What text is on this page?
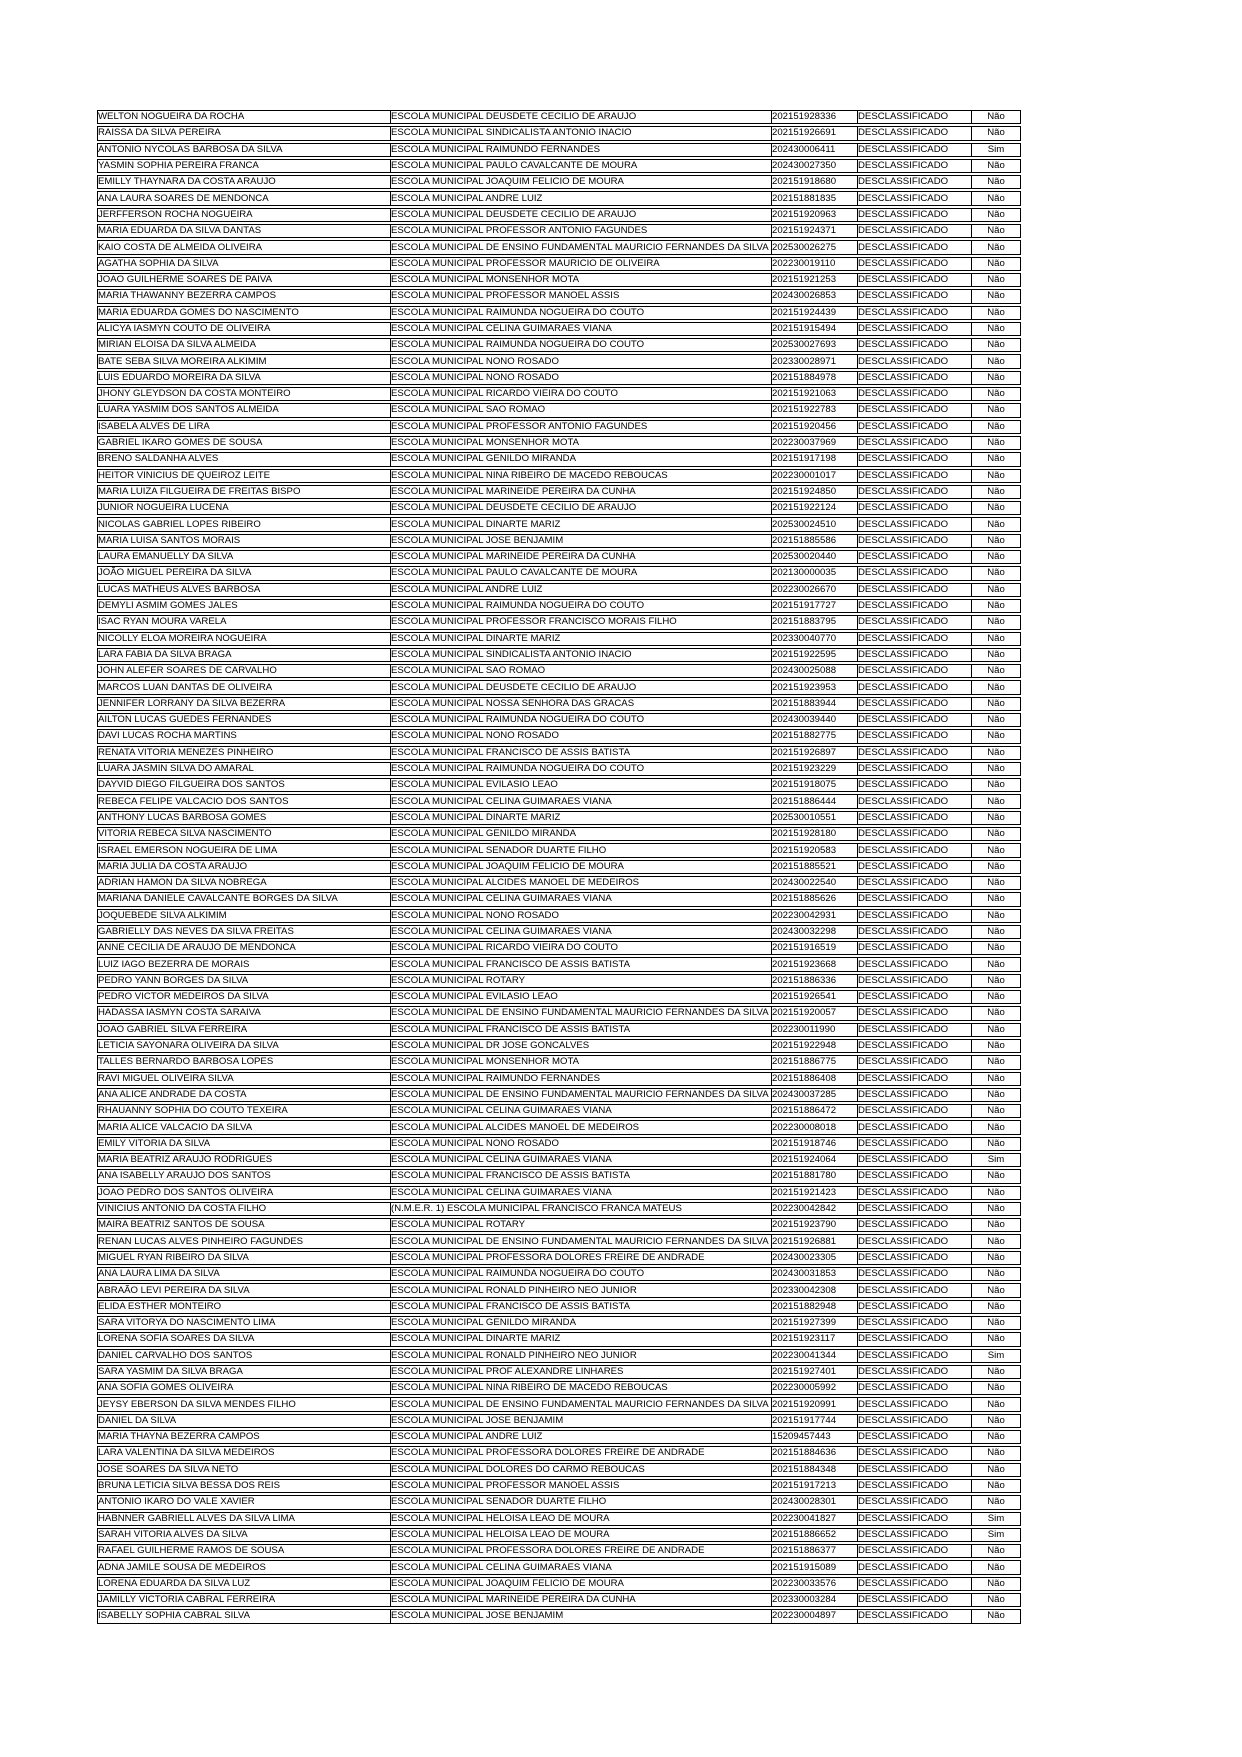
WELTON NOGUEIRA DA ROCHA	ESCOLA MUNICIPAL DEUSDETE CECILIO DE ARAUJO	202151928336	DESCLASSIFICADO	Não
RAISSA DA SILVA PEREIRA	ESCOLA MUNICIPAL SINDICALISTA ANTONIO INACIO	202151926691	DESCLASSIFICADO	Não
ANTONIO NYCOLAS BARBOSA DA SILVA	ESCOLA MUNICIPAL RAIMUNDO FERNANDES	202430006411	DESCLASSIFICADO	Sim
YASMIN SOPHIA PEREIRA FRANCA	ESCOLA MUNICIPAL PAULO CAVALCANTE DE MOURA	202430027350	DESCLASSIFICADO	Não
EMILLY THAYNARA DA COSTA ARAUJO	ESCOLA MUNICIPAL JOAQUIM FELICIO DE MOURA	202151918680	DESCLASSIFICADO	Não
ANA LAURA SOARES DE MENDONCA	ESCOLA MUNICIPAL ANDRE LUIZ	202151881835	DESCLASSIFICADO	Não
JERFFERSON ROCHA NOGUEIRA	ESCOLA MUNICIPAL DEUSDETE CECILIO DE ARAUJO	202151920963	DESCLASSIFICADO	Não
MARIA EDUARDA DA SILVA DANTAS	ESCOLA MUNICIPAL PROFESSOR ANTONIO FAGUNDES	202151924371	DESCLASSIFICADO	Não
KAIO COSTA DE ALMEIDA OLIVEIRA	ESCOLA MUNICIPAL DE ENSINO FUNDAMENTAL MAURICIO FERNANDES DA SILVA	202530026275	DESCLASSIFICADO	Não
AGATHA SOPHIA DA SILVA	ESCOLA MUNICIPAL PROFESSOR MAURICIO DE OLIVEIRA	202230019110	DESCLASSIFICADO	Não
JOAO GUILHERME SOARES DE PAIVA	ESCOLA MUNICIPAL MONSENHOR MOTA	202151921253	DESCLASSIFICADO	Não
MARIA THAWANNY BEZERRA CAMPOS	ESCOLA MUNICIPAL PROFESSOR MANOEL ASSIS	202430026853	DESCLASSIFICADO	Não
MARIA EDUARDA GOMES DO NASCIMENTO	ESCOLA MUNICIPAL RAIMUNDA NOGUEIRA DO COUTO	202151924439	DESCLASSIFICADO	Não
ALICYA IASMYN COUTO DE OLIVEIRA	ESCOLA MUNICIPAL CELINA GUIMARAES VIANA	202151915494	DESCLASSIFICADO	Não
MIRIAN ELOISA DA SILVA ALMEIDA	ESCOLA MUNICIPAL RAIMUNDA NOGUEIRA DO COUTO	202530027693	DESCLASSIFICADO	Não
BATE SEBA SILVA MOREIRA ALKIMIM	ESCOLA MUNICIPAL NONO ROSADO	202330028971	DESCLASSIFICADO	Não
LUIS EDUARDO MOREIRA DA SILVA	ESCOLA MUNICIPAL NONO ROSADO	202151884978	DESCLASSIFICADO	Não
JHONY GLEYDSON DA COSTA MONTEIRO	ESCOLA MUNICIPAL RICARDO VIEIRA DO COUTO	202151921063	DESCLASSIFICADO	Não
LUARA YASMIM DOS SANTOS ALMEIDA	ESCOLA MUNICIPAL SAO ROMAO	202151922783	DESCLASSIFICADO	Não
ISABELA ALVES DE LIRA	ESCOLA MUNICIPAL PROFESSOR ANTONIO FAGUNDES	202151920456	DESCLASSIFICADO	Não
GABRIEL IKARO GOMES DE SOUSA	ESCOLA MUNICIPAL MONSENHOR MOTA	202230037969	DESCLASSIFICADO	Não
BRENO SALDANHA ALVES	ESCOLA MUNICIPAL GENILDO MIRANDA	202151917198	DESCLASSIFICADO	Não
HEITOR VINICIUS DE QUEIROZ LEITE	ESCOLA MUNICIPAL NINA RIBEIRO DE MACEDO REBOUCAS	202230001017	DESCLASSIFICADO	Não
MARIA LUIZA FILGUEIRA DE FREITAS BISPO	ESCOLA MUNICIPAL MARINEIDE PEREIRA DA CUNHA	202151924850	DESCLASSIFICADO	Não
JUNIOR NOGUEIRA LUCENA	ESCOLA MUNICIPAL DEUSDETE CECILIO DE ARAUJO	202151922124	DESCLASSIFICADO	Não
NICOLAS GABRIEL LOPES RIBEIRO	ESCOLA MUNICIPAL DINARTE MARIZ	202530024510	DESCLASSIFICADO	Não
MARIA LUISA SANTOS MORAIS	ESCOLA MUNICIPAL JOSE BENJAMIM	202151885586	DESCLASSIFICADO	Não
LAURA EMANUELLY DA SILVA	ESCOLA MUNICIPAL MARINEIDE PEREIRA DA CUNHA	202530020440	DESCLASSIFICADO	Não
JOÃO MIGUEL PEREIRA DA SILVA	ESCOLA MUNICIPAL PAULO CAVALCANTE DE MOURA	202130000035	DESCLASSIFICADO	Não
LUCAS MATHEUS ALVES BARBOSA	ESCOLA MUNICIPAL ANDRE LUIZ	202230026670	DESCLASSIFICADO	Não
DEMYLI ASMIM GOMES JALES	ESCOLA MUNICIPAL RAIMUNDA NOGUEIRA DO COUTO	202151917727	DESCLASSIFICADO	Não
ISAC RYAN MOURA VARELA	ESCOLA MUNICIPAL PROFESSOR FRANCISCO MORAIS FILHO	202151883795	DESCLASSIFICADO	Não
NICOLLY ELOA MOREIRA NOGUEIRA	ESCOLA MUNICIPAL DINARTE MARIZ	202330040770	DESCLASSIFICADO	Não
LARA FABIA DA SILVA BRAGA	ESCOLA MUNICIPAL SINDICALISTA ANTONIO INACIO	202151922595	DESCLASSIFICADO	Não
JOHN ALEFER SOARES DE CARVALHO	ESCOLA MUNICIPAL SAO ROMAO	202430025088	DESCLASSIFICADO	Não
MARCOS LUAN DANTAS DE OLIVEIRA	ESCOLA MUNICIPAL DEUSDETE CECILIO DE ARAUJO	202151923953	DESCLASSIFICADO	Não
JENNIFER LORRANY DA SILVA BEZERRA	ESCOLA MUNICIPAL NOSSA SENHORA DAS GRACAS	202151883944	DESCLASSIFICADO	Não
AILTON LUCAS GUEDES FERNANDES	ESCOLA MUNICIPAL RAIMUNDA NOGUEIRA DO COUTO	202430039440	DESCLASSIFICADO	Não
DAVI LUCAS ROCHA MARTINS	ESCOLA MUNICIPAL NONO ROSADO	202151882775	DESCLASSIFICADO	Não
RENATA VITORIA MENEZES PINHEIRO	ESCOLA MUNICIPAL FRANCISCO DE ASSIS BATISTA	202151926897	DESCLASSIFICADO	Não
LUARA JASMIN SILVA DO AMARAL	ESCOLA MUNICIPAL RAIMUNDA NOGUEIRA DO COUTO	202151923229	DESCLASSIFICADO	Não
DAYVID DIEGO FILGUEIRA DOS SANTOS	ESCOLA MUNICIPAL EVILASIO LEAO	202151918075	DESCLASSIFICADO	Não
REBECA FELIPE VALCACIO DOS SANTOS	ESCOLA MUNICIPAL CELINA GUIMARAES VIANA	202151886444	DESCLASSIFICADO	Não
ANTHONY LUCAS BARBOSA GOMES	ESCOLA MUNICIPAL DINARTE MARIZ	202530010551	DESCLASSIFICADO	Não
VITORIA REBECA SILVA NASCIMENTO	ESCOLA MUNICIPAL GENILDO MIRANDA	202151928180	DESCLASSIFICADO	Não
ISRAEL EMERSON NOGUEIRA DE LIMA	ESCOLA MUNICIPAL SENADOR DUARTE FILHO	202151920583	DESCLASSIFICADO	Não
MARIA JULIA DA COSTA ARAUJO	ESCOLA MUNICIPAL JOAQUIM FELICIO DE MOURA	202151885521	DESCLASSIFICADO	Não
ADRIAN HAMON DA SILVA NOBREGA	ESCOLA MUNICIPAL ALCIDES MANOEL DE MEDEIROS	202430022540	DESCLASSIFICADO	Não
MARIANA DANIELE CAVALCANTE BORGES DA SILVA	ESCOLA MUNICIPAL CELINA GUIMARAES VIANA	202151885626	DESCLASSIFICADO	Não
JOQUEBEDE SILVA ALKIMIM	ESCOLA MUNICIPAL NONO ROSADO	202230042931	DESCLASSIFICADO	Não
GABRIELLY DAS NEVES DA SILVA FREITAS	ESCOLA MUNICIPAL CELINA GUIMARAES VIANA	202430032298	DESCLASSIFICADO	Não
ANNE CECILIA DE ARAUJO DE MENDONCA	ESCOLA MUNICIPAL RICARDO VIEIRA DO COUTO	202151916519	DESCLASSIFICADO	Não
LUIZ IAGO BEZERRA DE MORAIS	ESCOLA MUNICIPAL FRANCISCO DE ASSIS BATISTA	202151923668	DESCLASSIFICADO	Não
PEDRO YANN BORGES DA SILVA	ESCOLA MUNICIPAL ROTARY	202151886336	DESCLASSIFICADO	Não
PEDRO VICTOR MEDEIROS DA SILVA	ESCOLA MUNICIPAL EVILASIO LEAO	202151926541	DESCLASSIFICADO	Não
HADASSA IASMYN COSTA SARAIVA	ESCOLA MUNICIPAL DE ENSINO FUNDAMENTAL MAURICIO FERNANDES DA SILVA	202151920057	DESCLASSIFICADO	Não
JOAO GABRIEL SILVA FERREIRA	ESCOLA MUNICIPAL FRANCISCO DE ASSIS BATISTA	202230011990	DESCLASSIFICADO	Não
LETICIA SAYONARA OLIVEIRA DA SILVA	ESCOLA MUNICIPAL DR JOSE GONCALVES	202151922948	DESCLASSIFICADO	Não
TALLES BERNARDO BARBOSA LOPES	ESCOLA MUNICIPAL MONSENHOR MOTA	202151886775	DESCLASSIFICADO	Não
RAVI MIGUEL OLIVEIRA SILVA	ESCOLA MUNICIPAL RAIMUNDO FERNANDES	202151886408	DESCLASSIFICADO	Não
ANA ALICE ANDRADE DA COSTA	ESCOLA MUNICIPAL DE ENSINO FUNDAMENTAL MAURICIO FERNANDES DA SILVA	202430037285	DESCLASSIFICADO	Não
RHAUANNY SOPHIA DO COUTO TEXEIRA	ESCOLA MUNICIPAL CELINA GUIMARAES VIANA	202151886472	DESCLASSIFICADO	Não
MARIA ALICE VALCACIO DA SILVA	ESCOLA MUNICIPAL ALCIDES MANOEL DE MEDEIROS	202230008018	DESCLASSIFICADO	Não
EMILY VITORIA DA SILVA	ESCOLA MUNICIPAL NONO ROSADO	202151918746	DESCLASSIFICADO	Não
MARIA BEATRIZ ARAUJO RODRIGUES	ESCOLA MUNICIPAL CELINA GUIMARAES VIANA	202151924064	DESCLASSIFICADO	Sim
ANA ISABELLY ARAUJO DOS SANTOS	ESCOLA MUNICIPAL FRANCISCO DE ASSIS BATISTA	202151881780	DESCLASSIFICADO	Não
JOAO PEDRO DOS SANTOS OLIVEIRA	ESCOLA MUNICIPAL CELINA GUIMARAES VIANA	202151921423	DESCLASSIFICADO	Não
VINICIUS ANTONIO DA COSTA FILHO	(N.M.E.R. 1) ESCOLA MUNICIPAL FRANCISCO FRANCA MATEUS	202230042842	DESCLASSIFICADO	Não
MAIRA BEATRIZ SANTOS DE SOUSA	ESCOLA MUNICIPAL ROTARY	202151923790	DESCLASSIFICADO	Não
RENAN LUCAS ALVES PINHEIRO FAGUNDES	ESCOLA MUNICIPAL DE ENSINO FUNDAMENTAL MAURICIO FERNANDES DA SILVA	202151926881	DESCLASSIFICADO	Não
MIGUEL RYAN RIBEIRO DA SILVA	ESCOLA MUNICIPAL PROFESSORA DOLORES FREIRE DE ANDRADE	202430023305	DESCLASSIFICADO	Não
ANA LAURA LIMA DA SILVA	ESCOLA MUNICIPAL RAIMUNDA NOGUEIRA DO COUTO	202430031853	DESCLASSIFICADO	Não
ABRAÃO LEVI PEREIRA DA SILVA	ESCOLA MUNICIPAL RONALD PINHEIRO NEO JUNIOR	202330042308	DESCLASSIFICADO	Não
ELIDA ESTHER MONTEIRO	ESCOLA MUNICIPAL FRANCISCO DE ASSIS BATISTA	202151882948	DESCLASSIFICADO	Não
SARA VITORYA DO NASCIMENTO LIMA	ESCOLA MUNICIPAL GENILDO MIRANDA	202151927399	DESCLASSIFICADO	Não
LORENA SOFIA SOARES DA SILVA	ESCOLA MUNICIPAL DINARTE MARIZ	202151923117	DESCLASSIFICADO	Não
DANIEL CARVALHO DOS SANTOS	ESCOLA MUNICIPAL RONALD PINHEIRO NEO JUNIOR	202230041344	DESCLASSIFICADO	Sim
SARA YASMIM DA SILVA BRAGA	ESCOLA MUNICIPAL PROF ALEXANDRE LINHARES	202151927401	DESCLASSIFICADO	Não
ANA SOFIA GOMES OLIVEIRA	ESCOLA MUNICIPAL NINA RIBEIRO DE MACEDO REBOUCAS	202230005992	DESCLASSIFICADO	Não
JEYSY EBERSON DA SILVA MENDES FILHO	ESCOLA MUNICIPAL DE ENSINO FUNDAMENTAL MAURICIO FERNANDES DA SILVA	202151920991	DESCLASSIFICADO	Não
DANIEL DA SILVA	ESCOLA MUNICIPAL JOSE BENJAMIM	202151917744	DESCLASSIFICADO	Não
MARIA THAYNA BEZERRA CAMPOS	ESCOLA MUNICIPAL ANDRE LUIZ	15209457443	DESCLASSIFICADO	Não
LARA VALENTINA DA SILVA MEDEIROS	ESCOLA MUNICIPAL PROFESSORA DOLORES FREIRE DE ANDRADE	202151884636	DESCLASSIFICADO	Não
JOSE SOARES DA SILVA NETO	ESCOLA MUNICIPAL DOLORES DO CARMO REBOUCAS	202151884348	DESCLASSIFICADO	Não
BRUNA LETICIA SILVA BESSA DOS REIS	ESCOLA MUNICIPAL PROFESSOR MANOEL ASSIS	202151917213	DESCLASSIFICADO	Não
ANTONIO IKARO DO VALE XAVIER	ESCOLA MUNICIPAL SENADOR DUARTE FILHO	202430028301	DESCLASSIFICADO	Não
HABNNER GABRIELL ALVES DA SILVA LIMA	ESCOLA MUNICIPAL HELOISA LEAO DE MOURA	202230041827	DESCLASSIFICADO	Sim
SARAH VITORIA ALVES DA SILVA	ESCOLA MUNICIPAL HELOISA LEAO DE MOURA	202151886652	DESCLASSIFICADO	Sim
RAFAEL GUILHERME RAMOS DE SOUSA	ESCOLA MUNICIPAL PROFESSORA DOLORES FREIRE DE ANDRADE	202151886377	DESCLASSIFICADO	Não
ADNA JAMILE SOUSA DE MEDEIROS	ESCOLA MUNICIPAL CELINA GUIMARAES VIANA	202151915089	DESCLASSIFICADO	Não
LORENA EDUARDA DA SILVA LUZ	ESCOLA MUNICIPAL JOAQUIM FELICIO DE MOURA	202230033576	DESCLASSIFICADO	Não
JAMILLY VICTORIA CABRAL FERREIRA	ESCOLA MUNICIPAL MARINEIDE PEREIRA DA CUNHA	202330003284	DESCLASSIFICADO	Não
ISABELLY SOPHIA CABRAL SILVA	ESCOLA MUNICIPAL JOSE BENJAMIM	202230004897	DESCLASSIFICADO	Não
